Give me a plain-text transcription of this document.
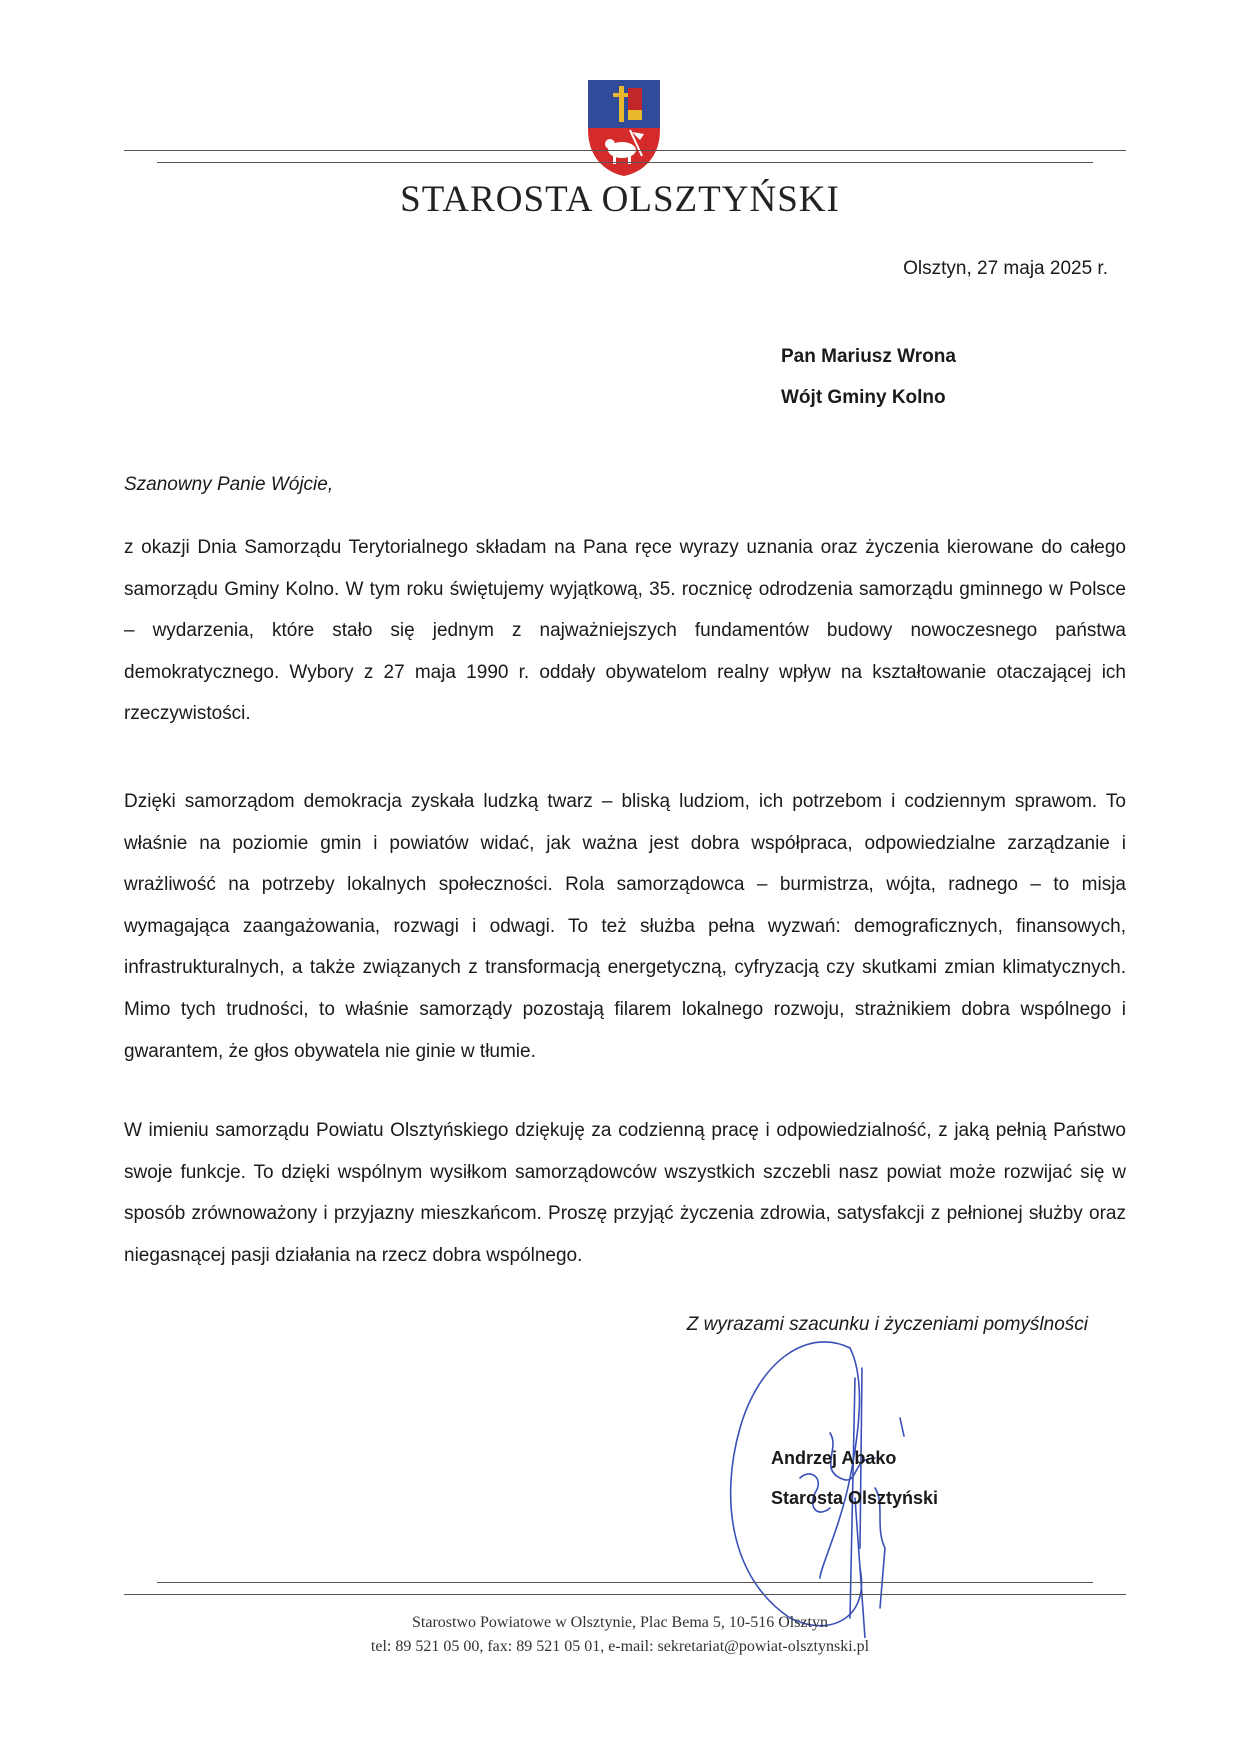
STAROSTA OLSZTYŃSKI
Olsztyn, 27 maja 2025 r.
Pan Mariusz Wrona
Wójt Gminy Kolno
Szanowny Panie Wójcie,

z okazji Dnia Samorządu Terytorialnego składam na Pana ręce wyrazy uznania oraz życzenia kierowane do całego samorządu Gminy Kolno. W tym roku świętujemy wyjątkową, 35. rocznicę odrodzenia samorządu gminnego w Polsce – wydarzenia, które stało się jednym z najważniejszych fundamentów budowy nowoczesnego państwa demokratycznego. Wybory z 27 maja 1990 r. oddały obywatelom realny wpływ na kształtowanie otaczającej ich rzeczywistości.

Dzięki samorządom demokracja zyskała ludzką twarz – bliską ludziom, ich potrzebom i codziennym sprawom. To właśnie na poziomie gmin i powiatów widać, jak ważna jest dobra współpraca, odpowiedzialne zarządzanie i wrażliwość na potrzeby lokalnych społeczności. Rola samorządowca – burmistrza, wójta, radnego – to misja wymagająca zaangażowania, rozwagi i odwagi. To też służba pełna wyzwań: demograficznych, finansowych, infrastrukturalnych, a także związanych z transformacją energetyczną, cyfryzacją czy skutkami zmian klimatycznych. Mimo tych trudności, to właśnie samorządy pozostają filarem lokalnego rozwoju, strażnikiem dobra wspólnego i gwarantem, że głos obywatela nie ginie w tłumie.

W imieniu samorządu Powiatu Olsztyńskiego dziękuję za codzienną pracę i odpowiedzialność, z jaką pełnią Państwo swoje funkcje. To dzięki wspólnym wysiłkom samorządowców wszystkich szczebli nasz powiat może rozwijać się w sposób zrównoważony i przyjazny mieszkańcom. Proszę przyjąć życzenia zdrowia, satysfakcji z pełnionej służby oraz niegasnącej pasji działania na rzecz dobra wspólnego.

Z wyrazami szacunku i życzeniami pomyślności
Andrzej Abako
Starosta Olsztyński
Starostwo Powiatowe w Olsztynie, Plac Bema 5, 10-516 Olsztyn
tel: 89 521 05 00, fax: 89 521 05 01, e-mail: sekretariat@powiat-olsztynski.pl
